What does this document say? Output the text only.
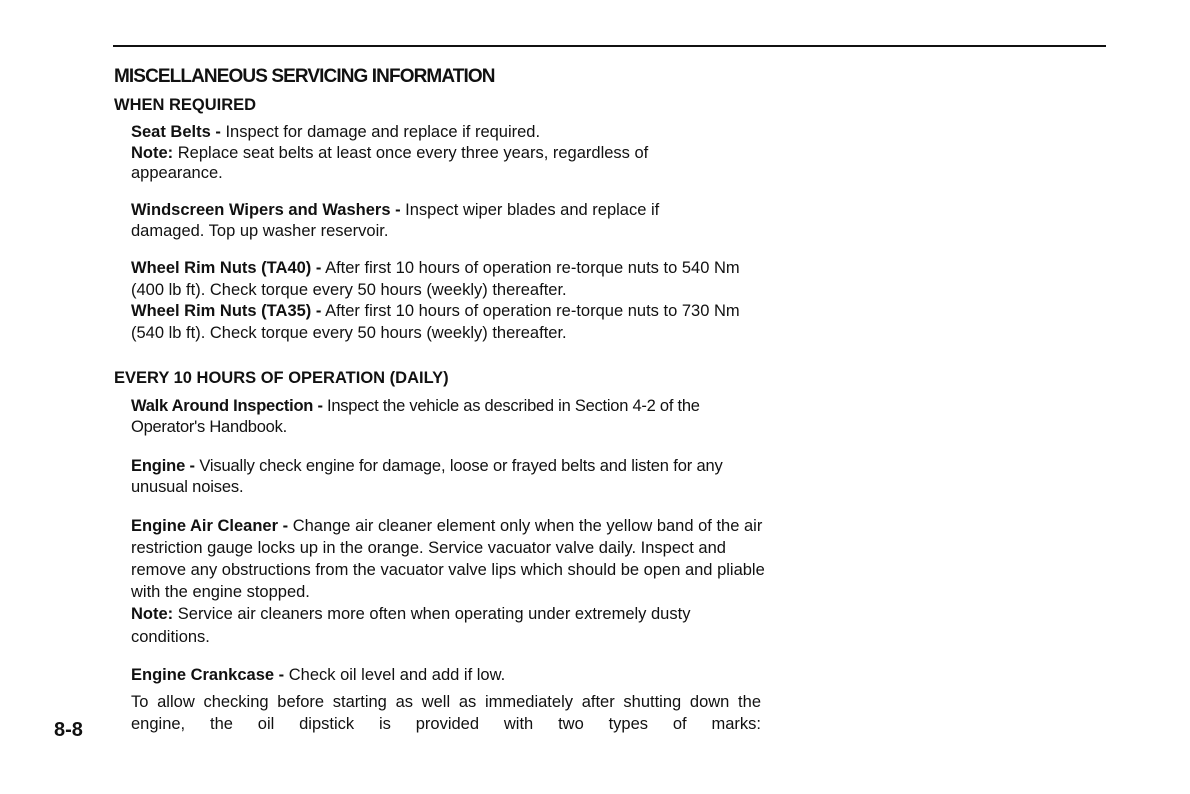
MISCELLANEOUS SERVICING INFORMATION
WHEN REQUIRED
Seat Belts - Inspect for damage and replace if required.
Note: Replace seat belts at least once every three years, regardless of appearance.
Windscreen Wipers and Washers - Inspect wiper blades and replace if damaged. Top up washer reservoir.
Wheel Rim Nuts (TA40) - After first 10 hours of operation re-torque nuts to 540 Nm (400 lb ft). Check torque every 50 hours (weekly) thereafter.
Wheel Rim Nuts (TA35) - After first 10 hours of operation re-torque nuts to 730 Nm (540 lb ft). Check torque every 50 hours (weekly) thereafter.
EVERY 10 HOURS OF OPERATION (DAILY)
Walk Around Inspection - Inspect the vehicle as described in Section 4-2 of the Operator's Handbook.
Engine - Visually check engine for damage, loose or frayed belts and listen for any unusual noises.
Engine Air Cleaner - Change air cleaner element only when the yellow band of the air restriction gauge locks up in the orange. Service vacuator valve daily. Inspect and remove any obstructions from the vacuator valve lips which should be open and pliable with the engine stopped.
Note: Service air cleaners more often when operating under extremely dusty conditions.
Engine Crankcase - Check oil level and add if low.
To allow checking before starting as well as immediately after shutting down the engine, the oil dipstick is provided with two types of marks:
8-8
